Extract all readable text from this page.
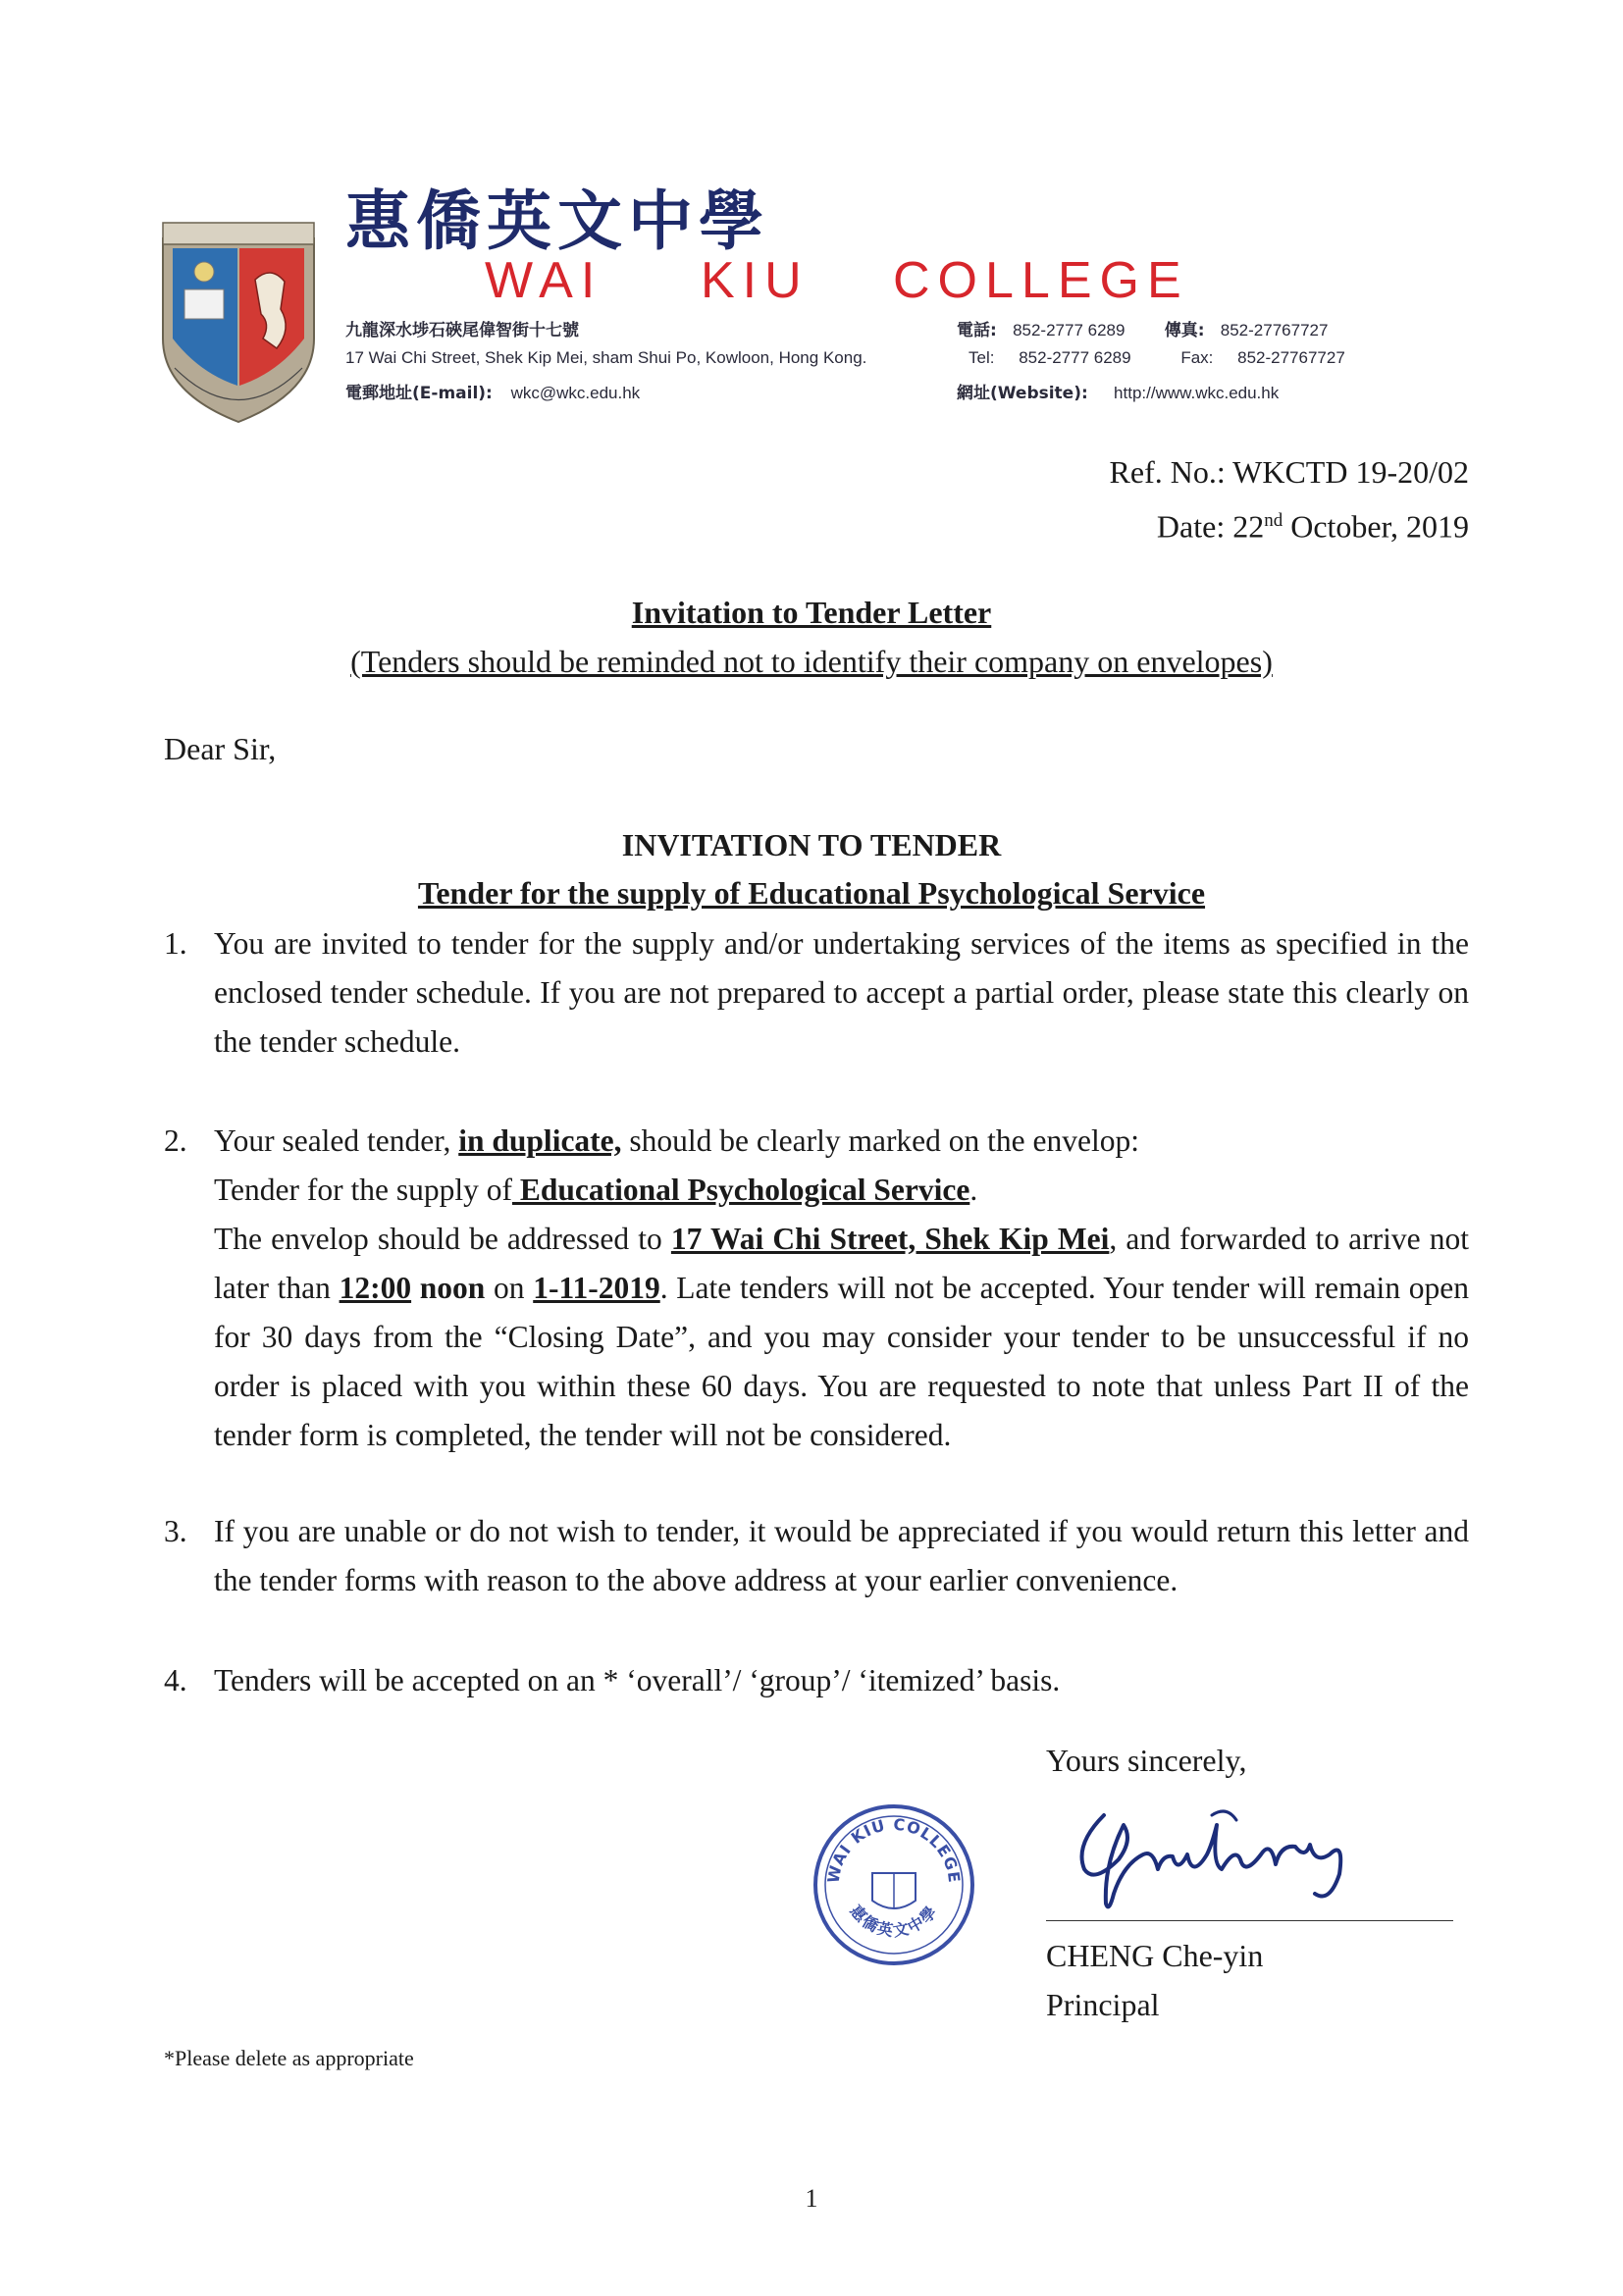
惠僑英文中學
WAI KIU COLLEGE
九龍深水埗石硤尾偉智街十七號
17 Wai Chi Street, Shek Kip Mei, sham Shui Po, Kowloon, Hong Kong.
電郵地址(E-mail): wkc@wkc.edu.hk
電話: 852-2777 6289 傳真: 852-27767727
Tel: 852-2777 6289	Fax: 852-27767727
網址(Website): http://www.wkc.edu.hk
Ref. No.: WKCTD 19-20/02
Date: 22nd October, 2019
Invitation to Tender Letter
(Tenders should be reminded not to identify their company on envelopes)
Dear Sir,
INVITATION TO TENDER
Tender for the supply of Educational Psychological Service
1. You are invited to tender for the supply and/or undertaking services of the items as specified in the enclosed tender schedule. If you are not prepared to accept a partial order, please state this clearly on the tender schedule.

2. Your sealed tender, in duplicate, should be clearly marked on the envelop:

Tender for the supply of Educational Psychological Service.

The envelop should be addressed to 17 Wai Chi Street, Shek Kip Mei, and forwarded to arrive not later than 12:00 noon on 1-11-2019. Late tenders will not be accepted. Your tender will remain open for 30 days from the “Closing Date”, and you may consider your tender to be unsuccessful if no order is placed with you within these 60 days. You are requested to note that unless Part II of the tender form is completed, the tender will not be considered.

3. If you are unable or do not wish to tender, it would be appreciated if you would return this letter and the tender forms with reason to the above address at your earlier convenience.

4. Tenders will be accepted on an * ‘overall’/ ‘group’/ ‘itemized’ basis.

Yours sincerely,
WAI KIU COLLEGE
惠僑英文中學
CHENG Che-yin
Principal
*Please delete as appropriate
1
